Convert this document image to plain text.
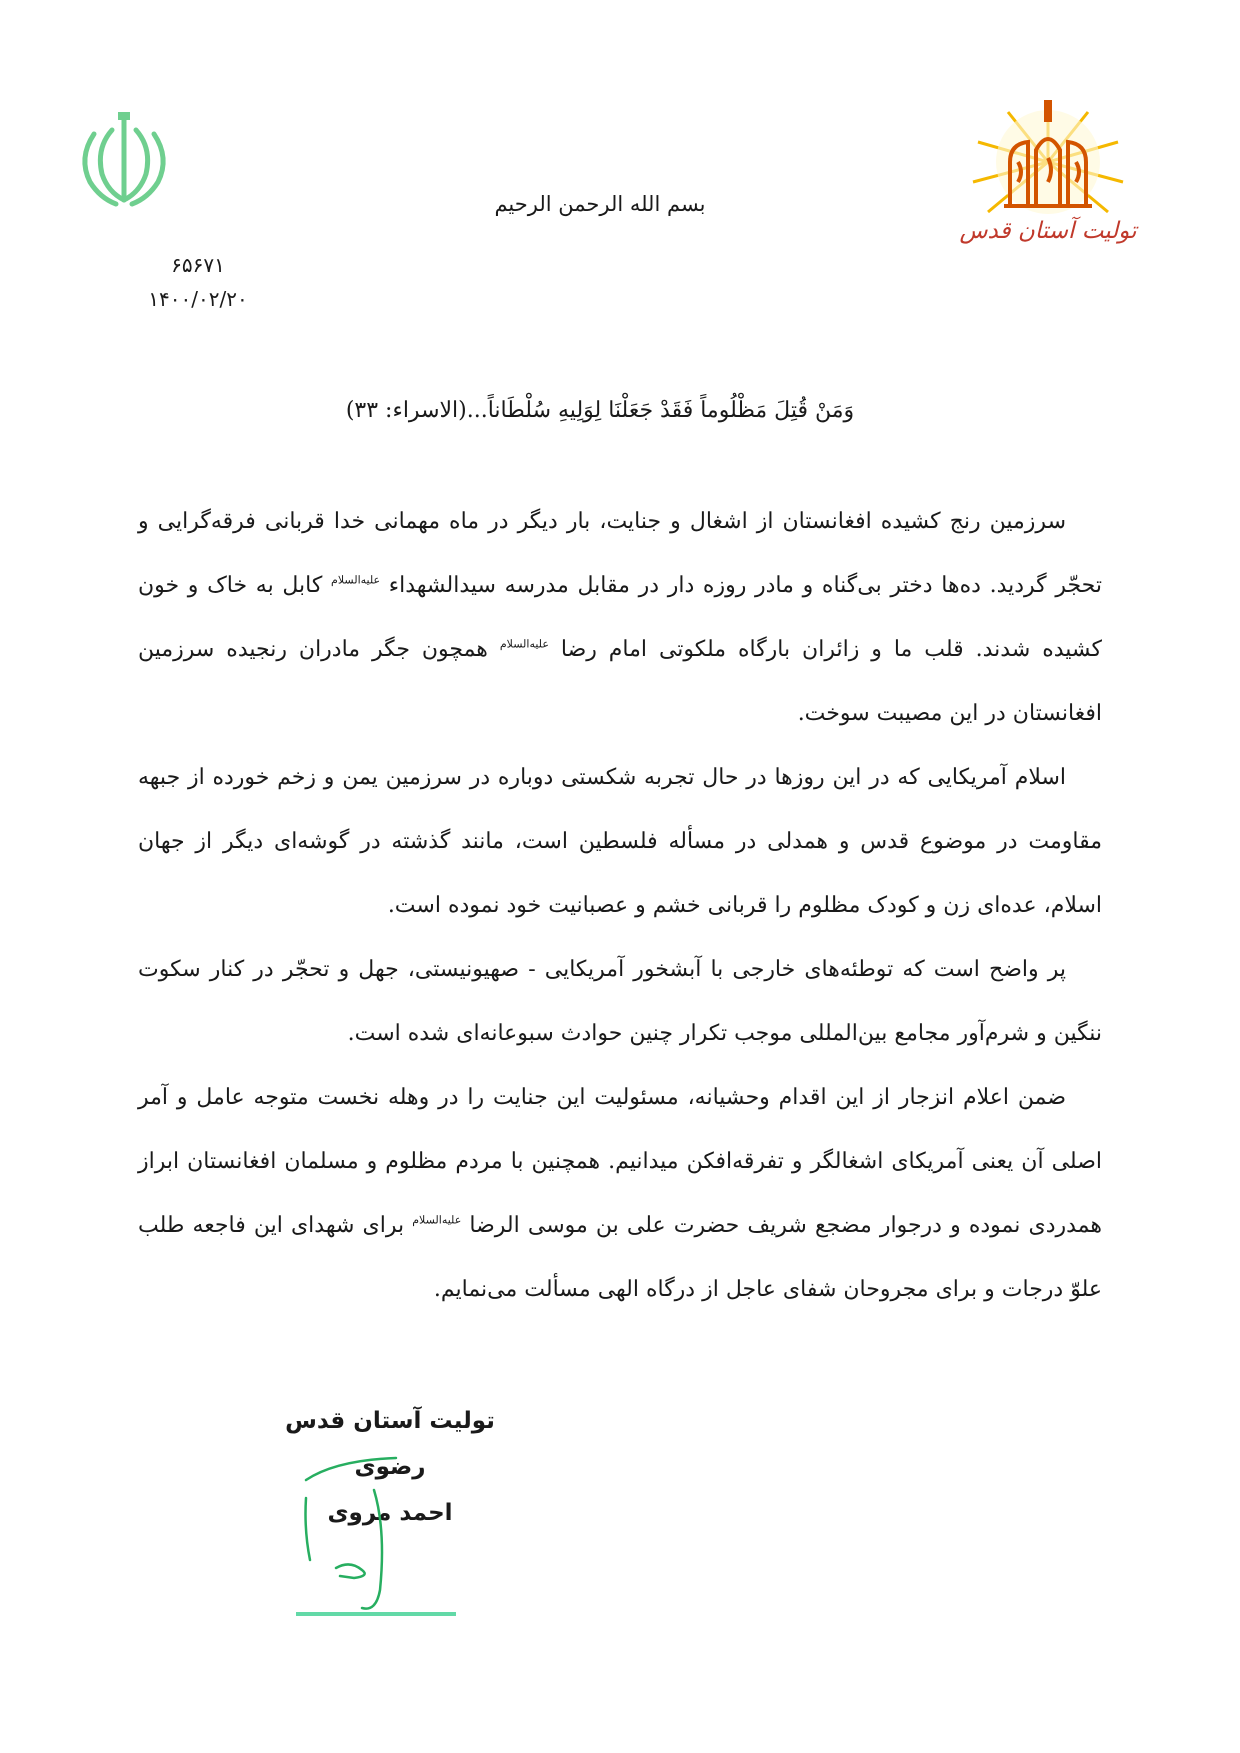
تولیت آستان قدس
بسم الله الرحمن الرحیم
۶۵۶۷۱
۱۴۰۰/۰۲/۲۰
وَمَنْ قُتِلَ مَظْلُوماً فَقَدْ جَعَلْنَا لِوَلِیهِ سُلْطَاناً...(الاسراء: ۳۳)

سرزمین رنج کشیده افغانستان از اشغال و جنایت، بار دیگر در ماه مهمانی خدا قربانی فرقه‌گرایی و تحجّر گردید. ده‌ها دختر بی‌گناه و مادر روزه دار در مقابل مدرسه سیدالشهداء $^{علیه‌السلام}$ کابل به خاک و خون کشیده شدند. قلب ما و زائران بارگاه ملکوتی امام رضا $^{علیه‌السلام}$ همچون جگر مادران رنجیده سرزمین افغانستان در این مصیبت سوخت.

اسلام آمریکایی که در این روزها در حال تجربه شکستی دوباره در سرزمین یمن و زخم خورده از جبهه مقاومت در موضوع قدس و همدلی در مسأله فلسطین است، مانند گذشته در گوشه‌ای دیگر از جهان اسلام، عده‌ای زن و کودک مظلوم را قربانی خشم و عصبانیت خود نموده است.

پر واضح است که توطئه‌های خارجی با آبشخور آمریکایی - صهیونیستی، جهل و تحجّر در کنار سکوت ننگین و شرم‌آور مجامع بین‌المللی موجب تکرار چنین حوادث سبوعانه‌ای شده است.

ضمن اعلام انزجار از این اقدام وحشیانه، مسئولیت این جنایت را در وهله نخست متوجه عامل و آمر اصلی آن یعنی آمریکای اشغالگر و تفرقه‌افکن میدانیم. همچنین با مردم مظلوم و مسلمان افغانستان ابراز همدردی نموده و درجوار مضجع شریف حضرت علی بن موسی الرضا $^{علیه‌السلام}$ برای شهدای این فاجعه طلب علوّ درجات و برای مجروحان شفای عاجل از درگاه الهی مسألت می‌نمایم.

تولیت آستان قدس رضوی
احمد مروی
